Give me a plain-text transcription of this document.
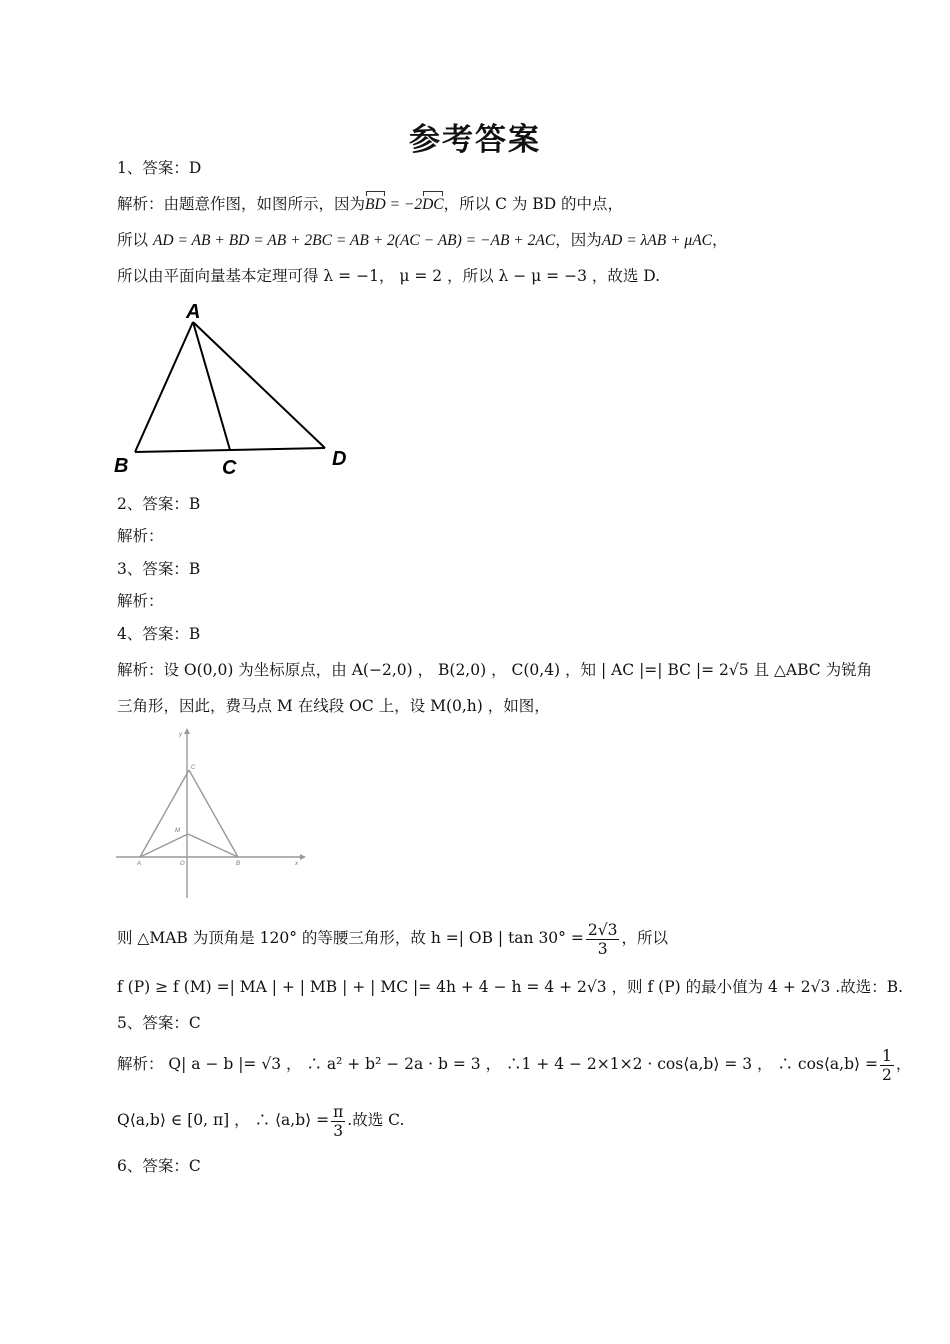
参考答案
1、答案：D
解析：由题意作图，如图所示，因为BD = −2DC，所以 C 为 BD 的中点，
所以 AD = AB + BD = AB + 2BC = AB + 2(AC − AB) = −AB + 2AC，因为AD = λAB + μAC，
所以由平面向量基本定理可得 λ = −1， μ = 2 ，所以 λ − μ = −3 ，故选 D.
A
B	C	D
2、答案：B
解析：
3、答案：B
解析：
4、答案：B
解析：设 O(0,0) 为坐标原点，由 A(−2,0) ， B(2,0) ， C(0,4) ，知 | AC |=| BC |= 2√5 且 △ABC 为锐角
三角形，因此，费马点 M 在线段 OC 上，设 M(0,h) ，如图，
y
C
M
A	O	B	x
则 △MAB 为顶角是 120° 的等腰三角形，故 h =| OB | $\tan 30^\circ = \frac{2√3}{3}$ ，所以
f (P) ≥ f (M) =| MA | + | MB | + | MC |= 4h + 4 − h = 4 + 2√3 ，则 f (P) 的最小值为 4 + 2√3 .故选：B.
5、答案：C
解析： Q| a − b |= √3 ， ∴ a² + b² − 2a · b = 3 ， ∴1 + 4 − 2×1×2 · cos⟨a,b⟩ = 3 ， ∴ cos⟨a,b⟩ = $\frac{1}{2}$ ，
Q⟨a,b⟩ ∈ [0, π] ， ∴ ⟨a,b⟩ = $\frac{\pi}{3}$ .故选 C.
6、答案：C
